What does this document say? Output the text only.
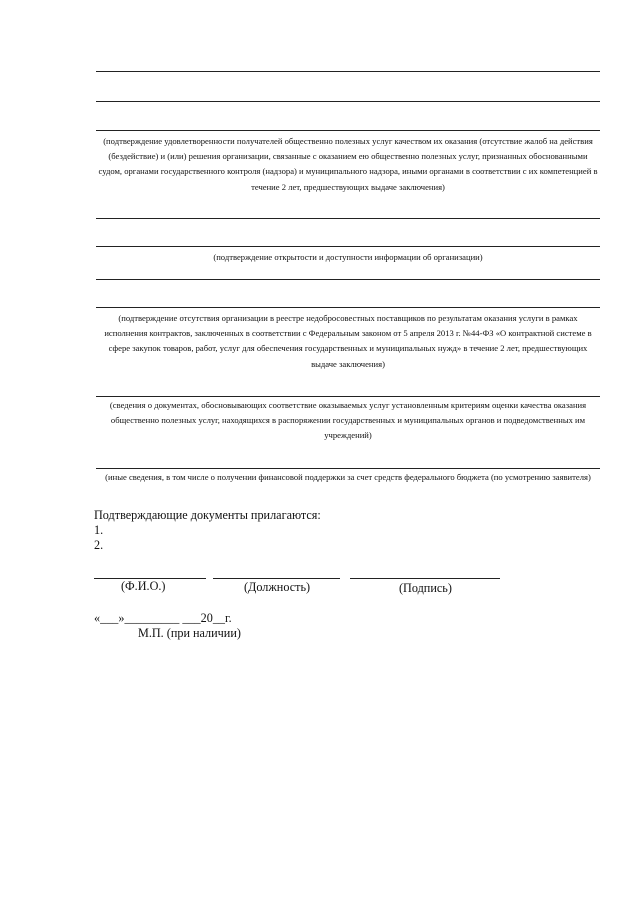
(подтверждение удовлетворенности получателей общественно полезных услуг качеством их оказания (отсутствие жалоб на действия (бездействие) и (или) решения организации, связанные с оказанием ею общественно полезных услуг, признанных обоснованными судом, органами государственного контроля (надзора) и муниципального надзора, иными органами в соответствии с их компетенцией в течение 2 лет, предшествующих выдаче заключения)
(подтверждение открытости и доступности информации об организации)
(подтверждение отсутствия организации в реестре недобросовестных поставщиков по результатам оказания услуги в рамках исполнения контрактов, заключенных в соответствии с Федеральным законом от 5 апреля 2013 г. №44-ФЗ «О контрактной системе в сфере закупок товаров, работ, услуг для обеспечения государственных и муниципальных нужд» в течение 2 лет, предшествующих выдаче заключения)
(сведения о документах, обосновывающих соответствие оказываемых услуг установленным критериям оценки качества оказания общественно полезных услуг, находящихся в распоряжении государственных и муниципальных органов и подведомственных им учреждений)
(иные сведения, в том числе о получении финансовой поддержки за счет средств федерального бюджета (по усмотрению заявителя)
Подтверждающие документы прилагаются:
1.
2.
(Ф.И.О.)	(Должность)	(Подпись)
«___»_________ ___20__г.
М.П. (при наличии)
